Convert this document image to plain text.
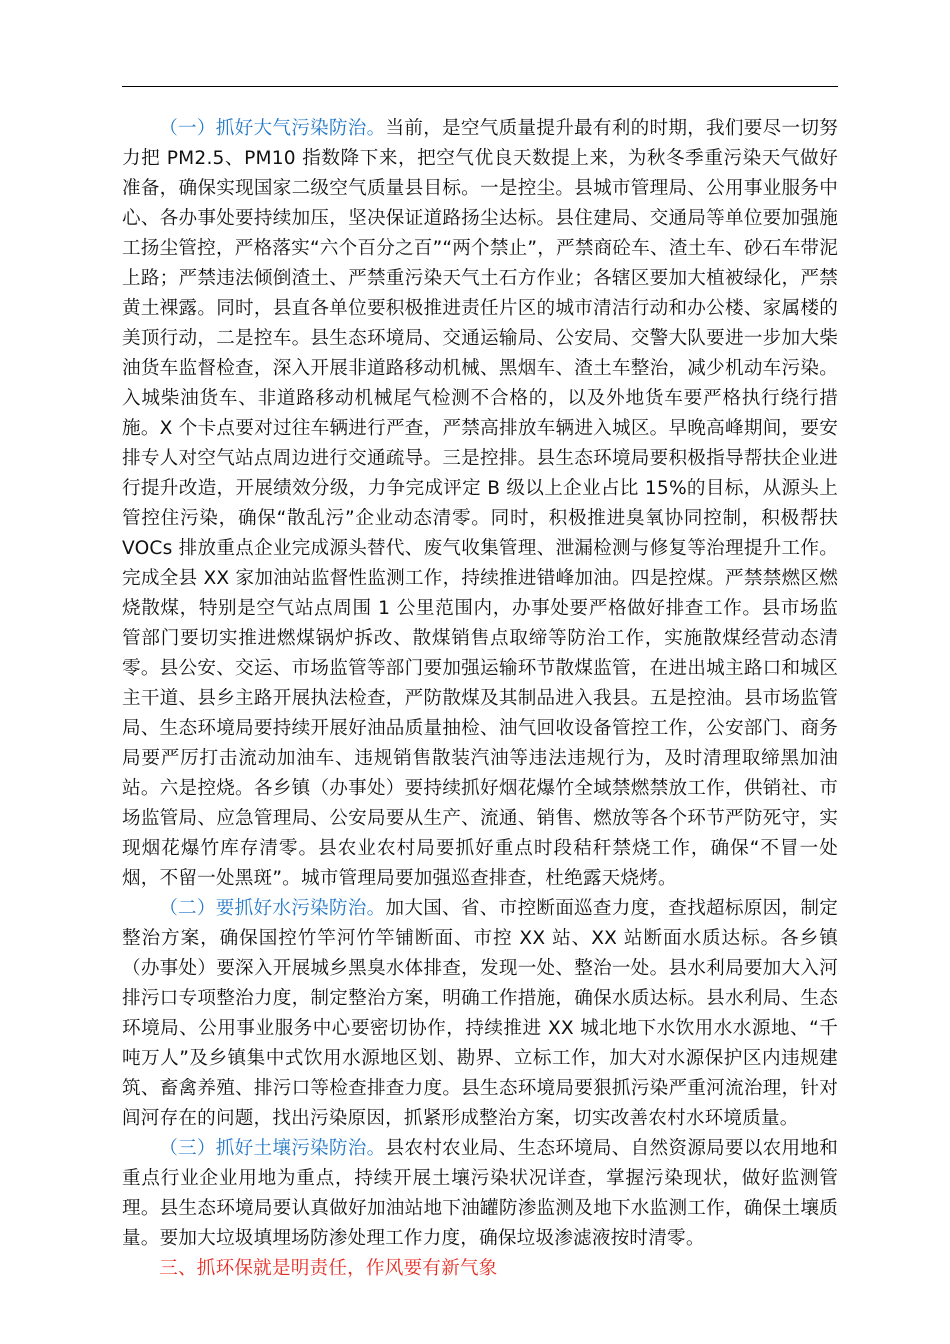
（一）抓好大气污染防治。当前，是空气质量提升最有利的时期，我们要尽一切努力把 PM2.5、PM10 指数降下来，把空气优良天数提上来，为秋冬季重污染天气做好准备，确保实现国家二级空气质量县目标。一是控尘。县城市管理局、公用事业服务中心、各办事处要持续加压，坚决保证道路扬尘达标。县住建局、交通局等单位要加强施工扬尘管控，严格落实“六个百分之百”“两个禁止”，严禁商砼车、渣土车、砂石车带泥上路；严禁违法倾倒渣土、严禁重污染天气土石方作业；各辖区要加大植被绿化，严禁黄土裸露。同时，县直各单位要积极推进责任片区的城市清洁行动和办公楼、家属楼的美顶行动，二是控车。县生态环境局、交通运输局、公安局、交警大队要进一步加大柴油货车监督检查，深入开展非道路移动机械、黑烟车、渣土车整治，减少机动车污染。入城柴油货车、非道路移动机械尾气检测不合格的，以及外地货车要严格执行绕行措施。X 个卡点要对过往车辆进行严查，严禁高排放车辆进入城区。早晚高峰期间，要安排专人对空气站点周边进行交通疏导。三是控排。县生态环境局要积极指导帮扶企业进行提升改造，开展绩效分级，力争完成评定 B 级以上企业占比 15%的目标，从源头上管控住污染，确保“散乱污”企业动态清零。同时，积极推进臭氧协同控制，积极帮扶 VOCs 排放重点企业完成源头替代、废气收集管理、泄漏检测与修复等治理提升工作。完成全县 XX 家加油站监督性监测工作，持续推进错峰加油。四是控煤。严禁禁燃区燃烧散煤，特别是空气站点周围 1 公里范围内，办事处要严格做好排查工作。县市场监管部门要切实推进燃煤锅炉拆改、散煤销售点取缔等防治工作，实施散煤经营动态清零。县公安、交运、市场监管等部门要加强运输环节散煤监管，在进出城主路口和城区主干道、县乡主路开展执法检查，严防散煤及其制品进入我县。五是控油。县市场监管局、生态环境局要持续开展好油品质量抽检、油气回收设备管控工作，公安部门、商务局要严厉打击流动加油车、违规销售散装汽油等违法违规行为，及时清理取缔黑加油站。六是控烧。各乡镇（办事处）要持续抓好烟花爆竹全域禁燃禁放工作，供销社、市场监管局、应急管理局、公安局要从生产、流通、销售、燃放等各个环节严防死守，实现烟花爆竹库存清零。县农业农村局要抓好重点时段秸秆禁烧工作，确保“不冒一处烟，不留一处黑斑”。城市管理局要加强巡查排查，杜绝露天烧烤。

（二）要抓好水污染防治。加大国、省、市控断面巡查力度，查找超标原因，制定整治方案，确保国控竹竿河竹竿铺断面、市控 XX 站、XX 站断面水质达标。各乡镇（办事处）要深入开展城乡黑臭水体排查，发现一处、整治一处。县水利局要加大入河排污口专项整治力度，制定整治方案，明确工作措施，确保水质达标。县水利局、生态环境局、公用事业服务中心要密切协作，持续推进 XX 城北地下水饮用水水源地、“千吨万人”及乡镇集中式饮用水源地区划、勘界、立标工作，加大对水源保护区内违规建筑、畜禽养殖、排污口等检查排查力度。县生态环境局要狠抓污染严重河流治理，针对闾河存在的问题，找出污染原因，抓紧形成整治方案，切实改善农村水环境质量。

（三）抓好土壤污染防治。县农村农业局、生态环境局、自然资源局要以农用地和重点行业企业用地为重点，持续开展土壤污染状况详查，掌握污染现状，做好监测管理。县生态环境局要认真做好加油站地下油罐防渗监测及地下水监测工作，确保土壤质量。要加大垃圾填埋场防渗处理工作力度，确保垃圾渗滤液按时清零。

三、抓环保就是明责任，作风要有新气象
